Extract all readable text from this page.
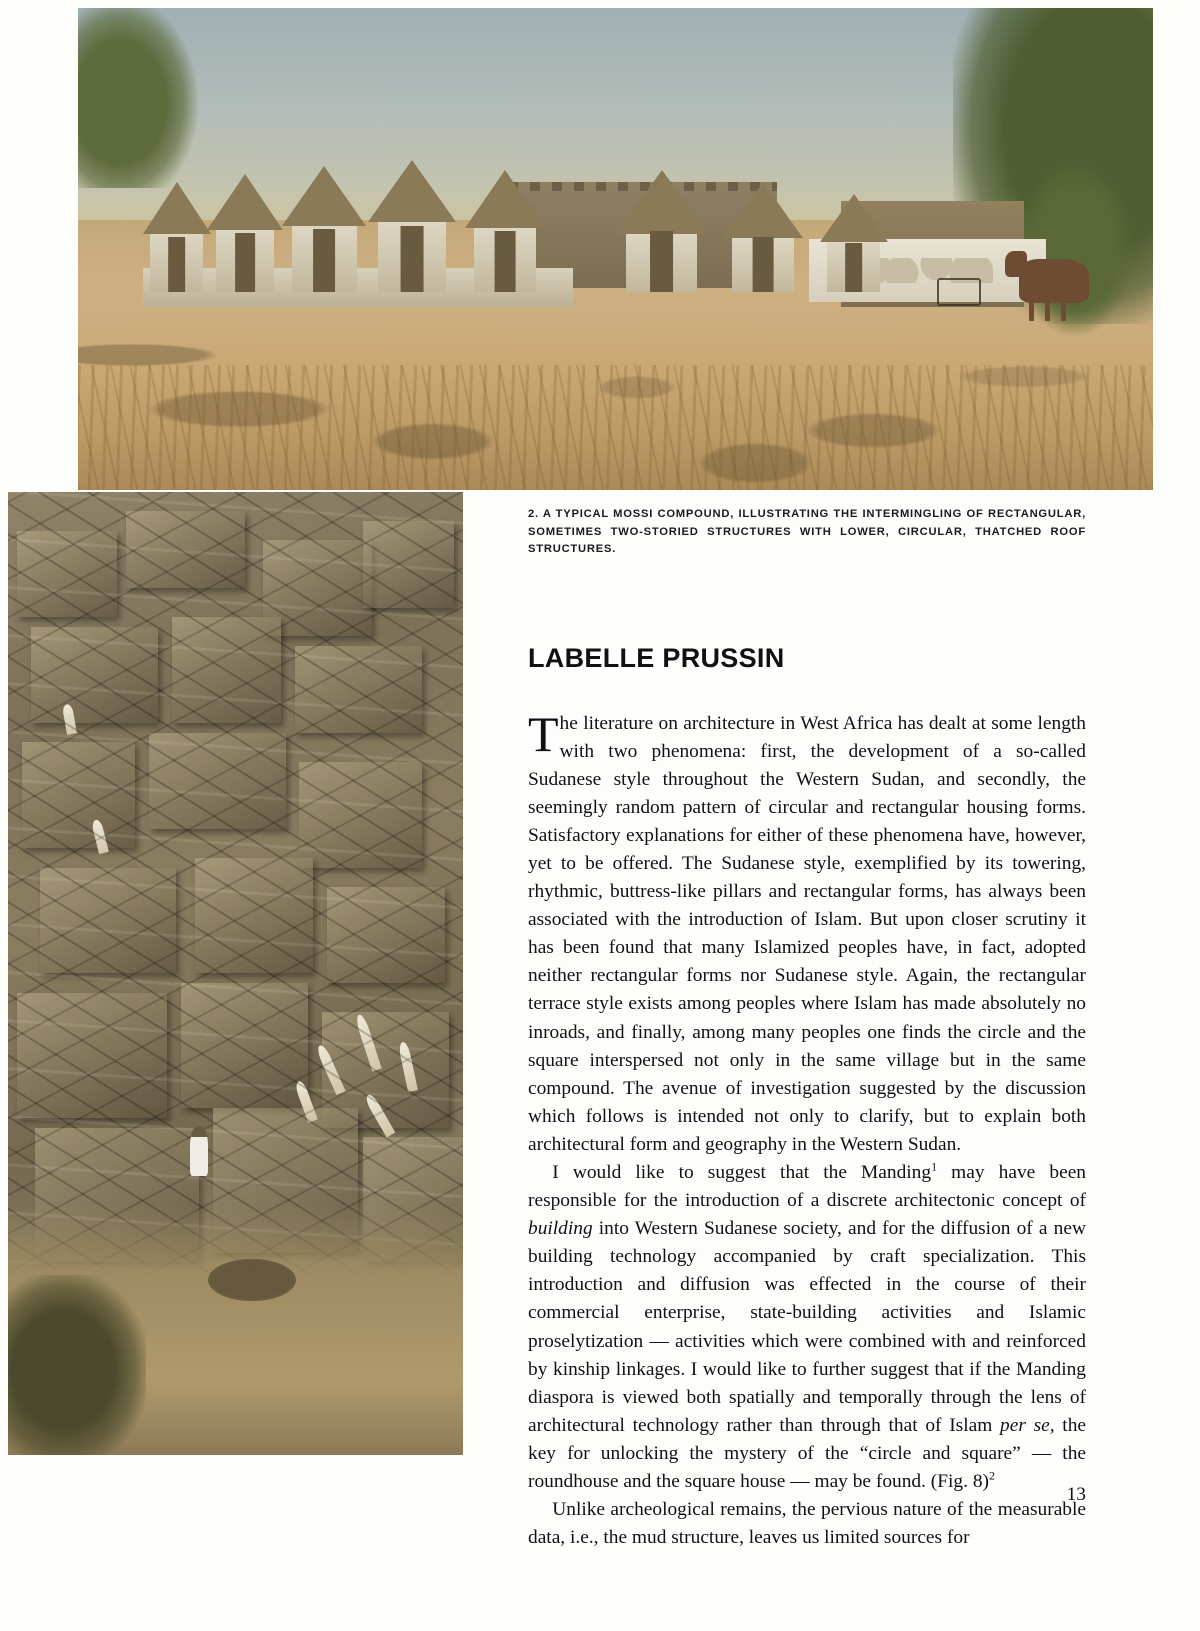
2. A TYPICAL MOSSI COMPOUND, ILLUSTRATING THE INTERMINGLING OF RECTANGULAR, SOMETIMES TWO-STORIED STRUCTURES WITH LOWER, CIRCULAR, THATCHED ROOF STRUCTURES.

LABELLE PRUSSIN

The literature on architecture in West Africa has dealt at some length with two phenomena: first, the development of a so-called Sudanese style throughout the Western Sudan, and secondly, the seemingly random pattern of circular and rectangular housing forms. Satisfactory explanations for either of these phenomena have, however, yet to be offered. The Sudanese style, exemplified by its towering, rhythmic, buttress-like pillars and rectangular forms, has always been associated with the introduction of Islam. But upon closer scrutiny it has been found that many Islamized peoples have, in fact, adopted neither rectangular forms nor Sudanese style. Again, the rectangular terrace style exists among peoples where Islam has made absolutely no inroads, and finally, among many peoples one finds the circle and the square interspersed not only in the same village but in the same compound. The avenue of investigation suggested by the discussion which follows is intended not only to clarify, but to explain both architectural form and geography in the Western Sudan.

I would like to suggest that the Manding$^1$ may have been responsible for the introduction of a discrete architectonic concept of building into Western Sudanese society, and for the diffusion of a new building technology accompanied by craft specialization. This introduction and diffusion was effected in the course of their commercial enterprise, state-building activities and Islamic proselytization — activities which were combined with and reinforced by kinship linkages. I would like to further suggest that if the Manding diaspora is viewed both spatially and temporally through the lens of architectural technology rather than through that of Islam per se, the key for unlocking the mystery of the “circle and square” — the roundhouse and the square house — may be found. (Fig. 8)$^2$

Unlike archeological remains, the pervious nature of the measurable data, i.e., the mud structure, leaves us limited sources for

13
